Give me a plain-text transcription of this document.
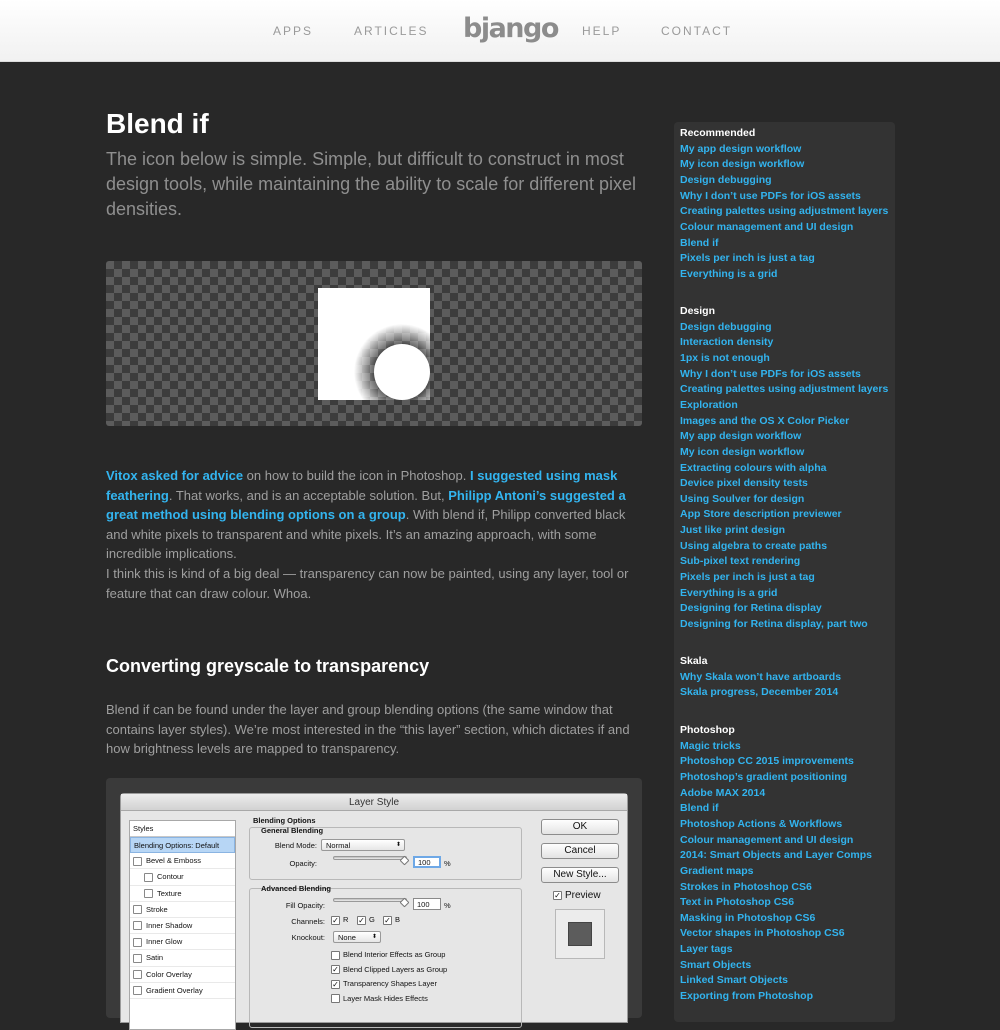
APPS	ARTICLES bjango HELP	CONTACT
Blend if

The icon below is simple. Simple, but difficult to construct in most design tools, while maintaining the ability to scale for different pixel densities.

Vitox asked for advice on how to build the icon in Photoshop. I suggested using mask feathering. That works, and is an acceptable solution. But, Philipp Antoni’s suggested a great method using blending options on a group. With blend if, Philipp converted black and white pixels to transparent and white pixels. It’s an amazing approach, with some incredible implications.

I think this is kind of a big deal — transparency can now be painted, using any layer, tool or feature that can draw colour. Whoa.

Converting greyscale to transparency

Blend if can be found under the layer and group blending options (the same window that contains layer styles). We’re most interested in the “this layer” section, which dictates if and how brightness levels are mapped to transparency.

Layer Style
Styles
Blending Options: Default
Bevel & Emboss
Contour
Texture
Stroke
Inner Shadow
Inner Glow
Satin
Color Overlay
Gradient Overlay
Blending Options
General Blending
Blend Mode:	Normal	⬍
Opacity:	100	%
Advanced Blending
Fill Opacity:	100	%
Channels: ✓ R ✓ G ✓ B
Knockout:	None	⬍
Blend Interior Effects as Group
✓ Blend Clipped Layers as Group
✓ Transparency Shapes Layer
Layer Mask Hides Effects
OK
Cancel
New Style...
✓ Preview
Recommended
My app design workflow
My icon design workflow
Design debugging
Why I don’t use PDFs for iOS assets
Creating palettes using adjustment layers
Colour management and UI design
Blend if
Pixels per inch is just a tag
Everything is a grid
Design
Design debugging
Interaction density
1px is not enough
Why I don’t use PDFs for iOS assets
Creating palettes using adjustment layers
Exploration
Images and the OS X Color Picker
My app design workflow
My icon design workflow
Extracting colours with alpha
Device pixel density tests
Using Soulver for design
App Store description previewer
Just like print design
Using algebra to create paths
Sub-pixel text rendering
Pixels per inch is just a tag
Everything is a grid
Designing for Retina display
Designing for Retina display, part two
Skala
Why Skala won’t have artboards
Skala progress, December 2014
Photoshop
Magic tricks
Photoshop CC 2015 improvements
Photoshop’s gradient positioning
Adobe MAX 2014
Blend if
Photoshop Actions & Workflows
Colour management and UI design
2014: Smart Objects and Layer Comps
Gradient maps
Strokes in Photoshop CS6
Text in Photoshop CS6
Masking in Photoshop CS6
Vector shapes in Photoshop CS6
Layer tags
Smart Objects
Linked Smart Objects
Exporting from Photoshop
